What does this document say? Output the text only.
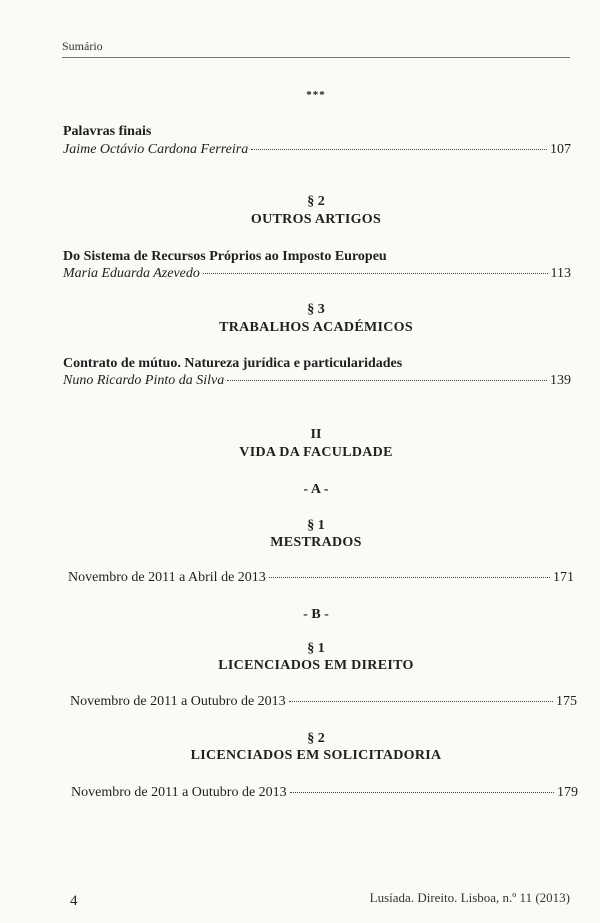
Sumário
***
Palavras finais
Jaime Octávio Cardona Ferreira	107
§ 2
OUTROS ARTIGOS
Do Sistema de Recursos Próprios ao Imposto Europeu
Maria Eduarda Azevedo	113
§ 3
TRABALHOS ACADÉMICOS
Contrato de mútuo. Natureza jurídica e particularidades
Nuno Ricardo Pinto da Silva	139
II
VIDA DA FACULDADE
- A -
§ 1
MESTRADOS
Novembro de 2011 a Abril de 2013	171
- B -
§ 1
LICENCIADOS EM DIREITO
Novembro de 2011 a Outubro de 2013	175
§ 2
LICENCIADOS EM SOLICITADORIA
Novembro de 2011 a Outubro de 2013	179
4	Lusíada. Direito. Lisboa, n.º 11 (2013)
